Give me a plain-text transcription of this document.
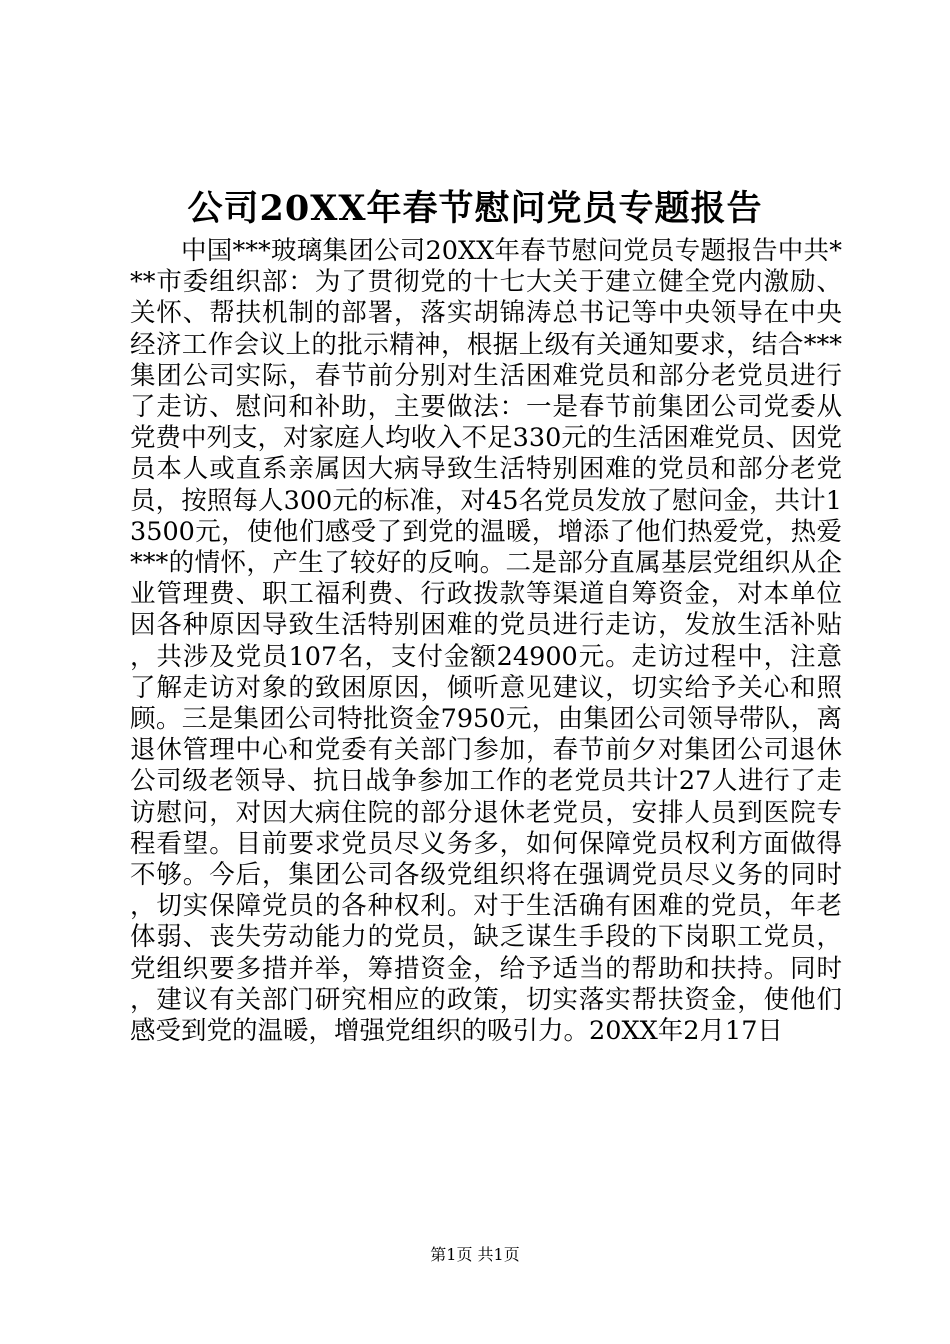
公司20XX年春节慰问党员专题报告

中国***玻璃集团公司20XX年春节慰问党员专题报告中共***市委组织部：为了贯彻党的十七大关于建立健全党内激励、关怀、帮扶机制的部署，落实胡锦涛总书记等中央领导在中央经济工作会议上的批示精神，根据上级有关通知要求，结合***集团公司实际，春节前分别对生活困难党员和部分老党员进行了走访、慰问和补助，主要做法：一是春节前集团公司党委从党费中列支，对家庭人均收入不足330元的生活困难党员、因党员本人或直系亲属因大病导致生活特别困难的党员和部分老党员，按照每人300元的标准，对45名党员发放了慰问金，共计13500元，使他们感受了到党的温暖，增添了他们热爱党，热爱***的情怀，产生了较好的反响。二是部分直属基层党组织从企业管理费、职工福利费、行政拨款等渠道自筹资金，对本单位因各种原因导致生活特别困难的党员进行走访，发放生活补贴，共涉及党员107名，支付金额24900元。走访过程中，注意了解走访对象的致困原因，倾听意见建议，切实给予关心和照顾。三是集团公司特批资金7950元，由集团公司领导带队，离退休管理中心和党委有关部门参加，春节前夕对集团公司退休公司级老领导、抗日战争参加工作的老党员共计27人进行了走访慰问，对因大病住院的部分退休老党员，安排人员到医院专程看望。目前要求党员尽义务多，如何保障党员权利方面做得不够。今后，集团公司各级党组织将在强调党员尽义务的同时，切实保障党员的各种权利。对于生活确有困难的党员，年老体弱、丧失劳动能力的党员，缺乏谋生手段的下岗职工党员，党组织要多措并举，筹措资金，给予适当的帮助和扶持。同时，建议有关部门研究相应的政策，切实落实帮扶资金，使他们感受到党的温暖，增强党组织的吸引力。20XX年2月17日

第1页 共1页
